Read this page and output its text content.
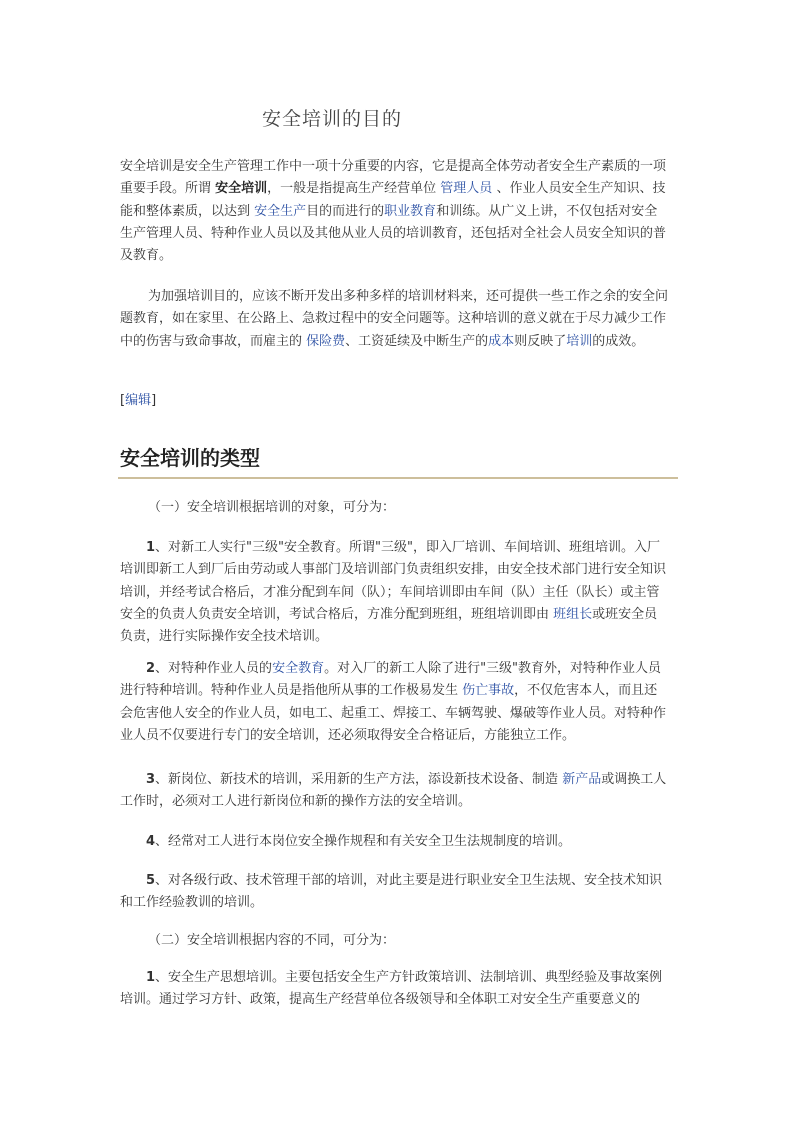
安全培训的目的

安全培训是安全生产管理工作中一项十分重要的内容，它是提高全体劳动者安全生产素质的一项重要手段。所谓 安全培训，一般是指提高生产经营单位 管理人员 、作业人员安全生产知识、技能和整体素质，以达到 安全生产目的而进行的职业教育和训练。从广义上讲，不仅包括对安全生产管理人员、特种作业人员以及其他从业人员的培训教育，还包括对全社会人员安全知识的普及教育。

为加强培训目的，应该不断开发出多种多样的培训材料来，还可提供一些工作之余的安全问题教育，如在家里、在公路上、急救过程中的安全问题等。这种培训的意义就在于尽力减少工作中的伤害与致命事故，而雇主的 保险费、工资延续及中断生产的成本则反映了培训的成效。

[编辑]
安全培训的类型

（一）安全培训根据培训的对象，可分为：

1、对新工人实行"三级"安全教育。所谓"三级"，即入厂培训、车间培训、班组培训。入厂培训即新工人到厂后由劳动或人事部门及培训部门负责组织安排，由安全技术部门进行安全知识培训，并经考试合格后，才准分配到车间（队）；车间培训即由车间（队）主任（队长）或主管安全的负责人负责安全培训，考试合格后，方准分配到班组，班组培训即由 班组长或班安全员负责，进行实际操作安全技术培训。

2、对特种作业人员的安全教育。对入厂的新工人除了进行"三级"教育外，对特种作业人员进行特种培训。特种作业人员是指他所从事的工作极易发生 伤亡事故，不仅危害本人，而且还会危害他人安全的作业人员，如电工、起重工、焊接工、车辆驾驶、爆破等作业人员。对特种作业人员不仅要进行专门的安全培训，还必须取得安全合格证后，方能独立工作。

3、新岗位、新技术的培训，采用新的生产方法，添设新技术设备、制造 新产品或调换工人工作时，必须对工人进行新岗位和新的操作方法的安全培训。

4、经常对工人进行本岗位安全操作规程和有关安全卫生法规制度的培训。

5、对各级行政、技术管理干部的培训，对此主要是进行职业安全卫生法规、安全技术知识和工作经验教训的培训。

（二）安全培训根据内容的不同，可分为：

1、安全生产思想培训。主要包括安全生产方针政策培训、法制培训、典型经验及事故案例培训。通过学习方针、政策，提高生产经营单位各级领导和全体职工对安全生产重要意义的
